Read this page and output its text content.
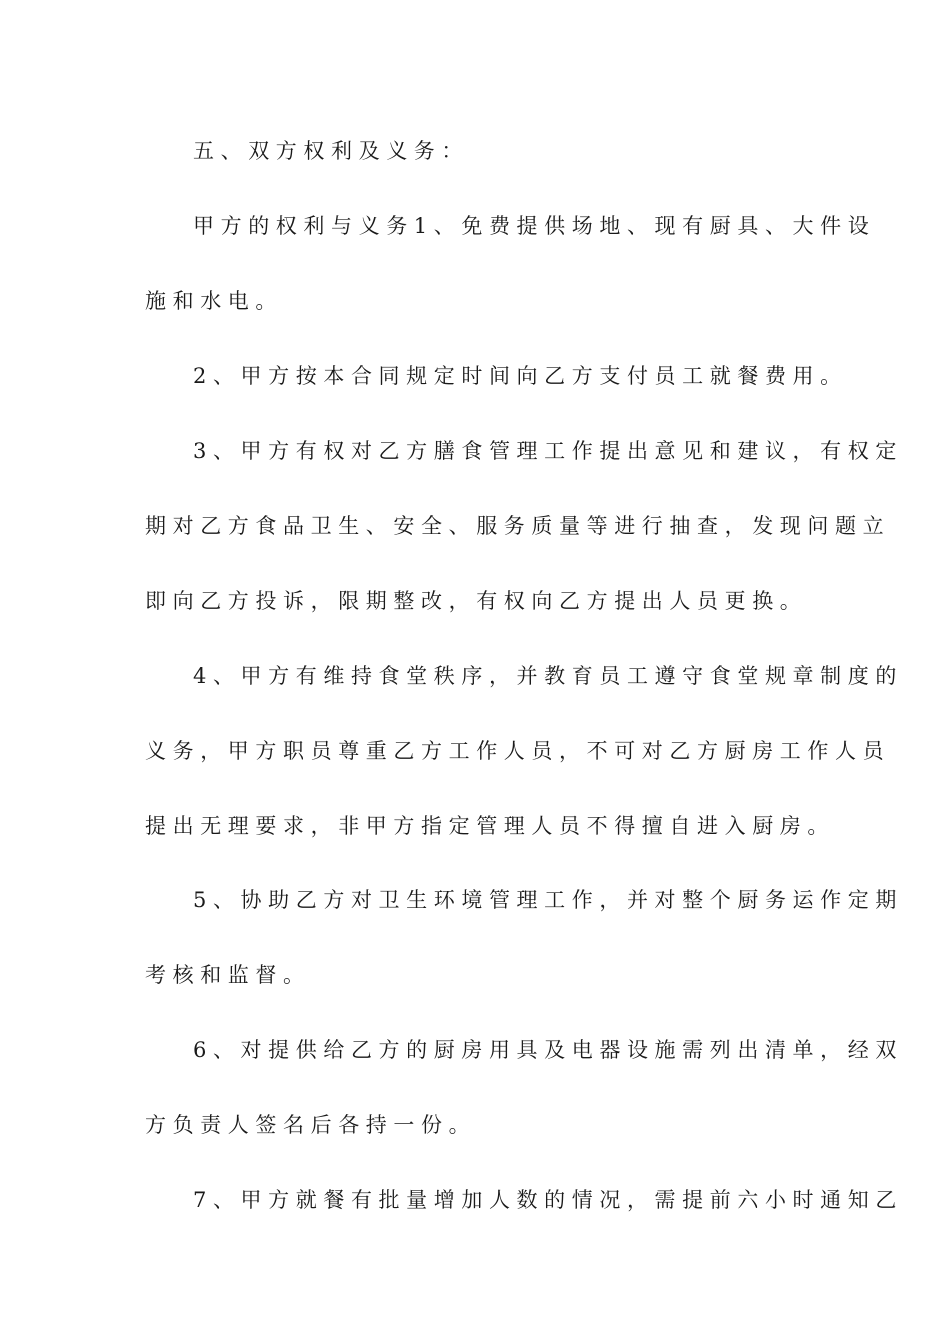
五、双方权利及义务：
甲方的权利与义务1、免费提供场地、现有厨具、大件设
施和水电。
2、甲方按本合同规定时间向乙方支付员工就餐费用。
3、甲方有权对乙方膳食管理工作提出意见和建议，有权定
期对乙方食品卫生、安全、服务质量等进行抽查，发现问题立
即向乙方投诉，限期整改，有权向乙方提出人员更换。
4、甲方有维持食堂秩序，并教育员工遵守食堂规章制度的
义务，甲方职员尊重乙方工作人员，不可对乙方厨房工作人员
提出无理要求，非甲方指定管理人员不得擅自进入厨房。
5、协助乙方对卫生环境管理工作，并对整个厨务运作定期
考核和监督。
6、对提供给乙方的厨房用具及电器设施需列出清单，经双
方负责人签名后各持一份。
7、甲方就餐有批量增加人数的情况，需提前六小时通知乙
